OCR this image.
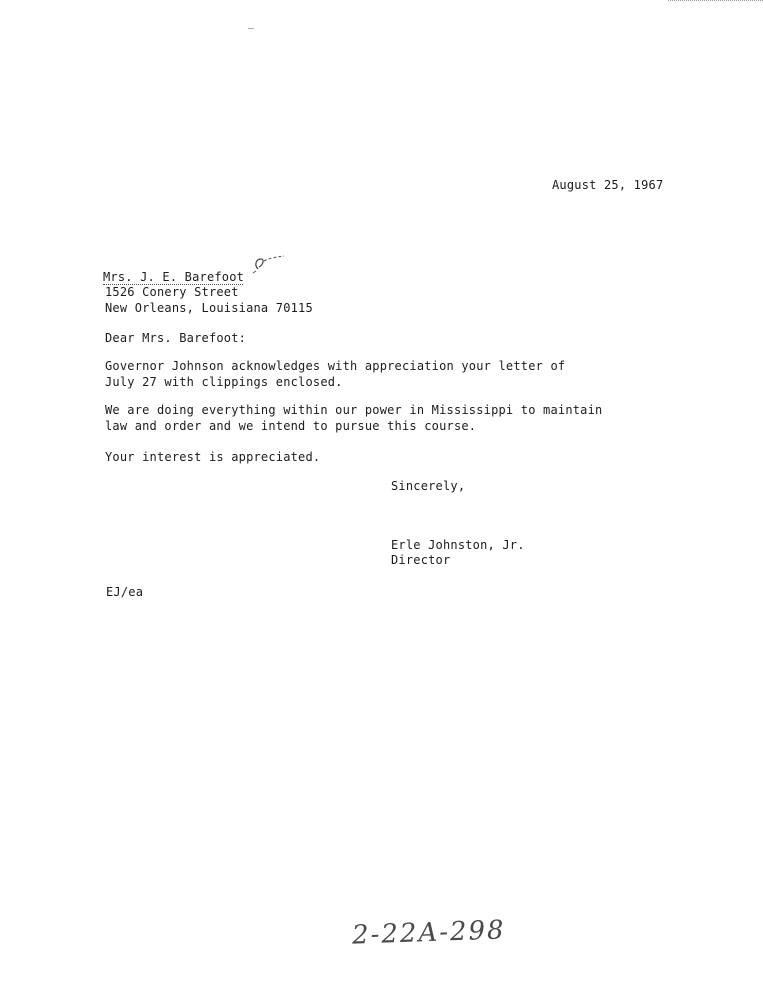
August 25, 1967
Mrs. J. E. Barefoot
1526 Conery Street
New Orleans, Louisiana 70115
Dear Mrs. Barefoot:
Governor Johnson acknowledges with appreciation your letter of
July 27 with clippings enclosed.
We are doing everything within our power in Mississippi to maintain
law and order and we intend to pursue this course.
Your interest is appreciated.
Sincerely,
Erle Johnston, Jr.
Director
EJ/ea
2-22A-298
